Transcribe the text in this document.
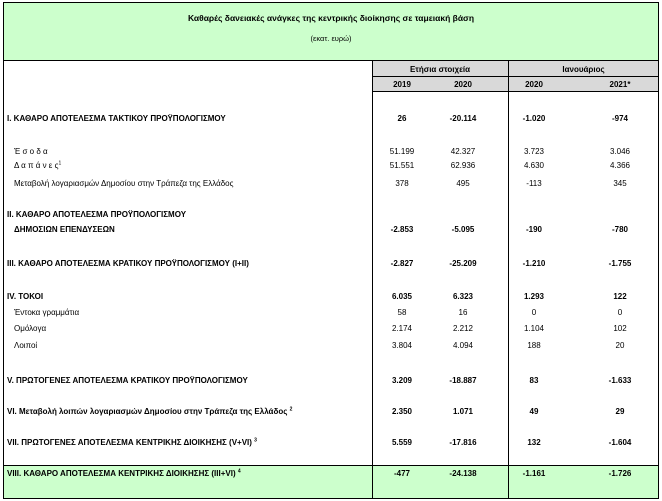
Καθαρές δανειακές ανάγκες της κεντρικής διοίκησης σε ταμειακή βάση
(εκατ. ευρώ)
Ετήσια στοιχεία	Ιανουάριος
2019	2020	2020	2021*
I. ΚΑΘΑΡΟ ΑΠΟΤΕΛΕΣΜΑ ΤΑΚΤΙΚΟΥ ΠΡΟΫΠΟΛΟΓΙΣΜΟΥ	26	-20.114	-1.020	-974
Έ σ ο δ α	51.199	42.327	3.723	3.046
Δ α π ά ν ε $\varsigma^1$	51.551	62.936	4.630	4.366
Μεταβολή λογαριασμών Δημοσίου στην Τράπεζα της Ελλάδος	378	495	-113	345
II. ΚΑΘΑΡΟ ΑΠΟΤΕΛΕΣΜΑ ΠΡΟΫΠΟΛΟΓΙΣΜΟΥ
ΔΗΜΟΣΙΩΝ ΕΠΕΝΔΥΣΕΩΝ	-2.853	-5.095	-190	-780
III. ΚΑΘΑΡΟ ΑΠΟΤΕΛΕΣΜΑ ΚΡΑΤΙΚΟΥ ΠΡΟΫΠΟΛΟΓΙΣΜΟΥ (I+II)	-2.827	-25.209	-1.210	-1.755
IV. ΤΟΚΟΙ	6.035	6.323	1.293	122
Έντοκα γραμμάτια	58	16	0	0
Ομόλογα	2.174	2.212	1.104	102
Λοιποί	3.804	4.094	188	20
V. ΠΡΩΤΟΓΕΝΕΣ ΑΠΟΤΕΛΕΣΜΑ ΚΡΑΤΙΚΟΥ ΠΡΟΫΠΟΛΟΓΙΣΜΟΥ	3.209	-18.887	83	-1.633
VI. Μεταβολή λοιπών λογαριασμών Δημοσίου στην Τράπεζα της Ελλάδος $^2$	2.350	1.071	49	29
VII. ΠΡΩΤΟΓΕΝΕΣ ΑΠΟΤΕΛΕΣΜΑ ΚΕΝΤΡΙΚΗΣ ΔΙΟΙΚΗΣΗΣ (V+VI) $^3$	5.559	-17.816	132	-1.604
VIII. ΚΑΘΑΡΟ ΑΠΟΤΕΛΕΣΜΑ ΚΕΝΤΡΙΚΗΣ ΔΙΟΙΚΗΣΗΣ (III+VI) $^4$	-477	-24.138	-1.161	-1.726
